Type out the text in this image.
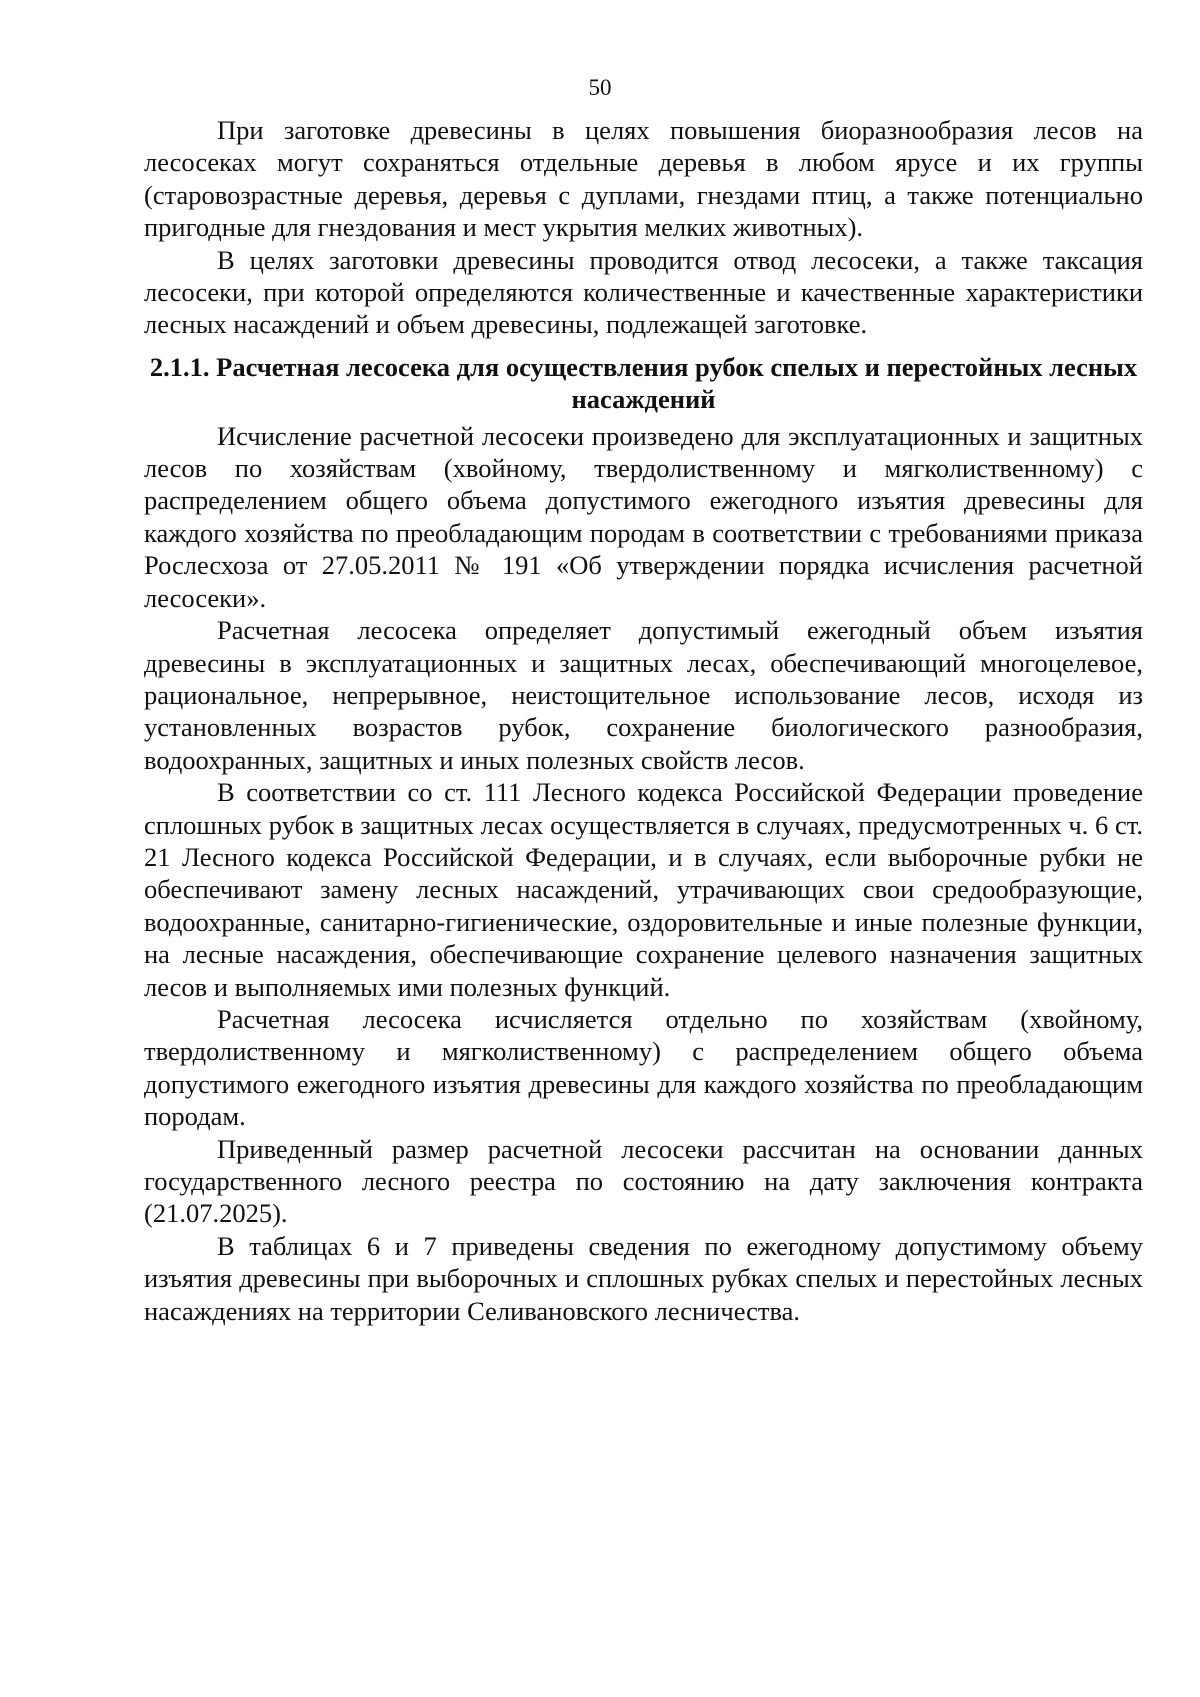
50

При заготовке древесины в целях повышения биоразнообразия лесов на лесосеках могут сохраняться отдельные деревья в любом ярусе и их группы (старовозрастные деревья, деревья с дуплами, гнездами птиц, а также потенциально пригодные для гнездования и мест укрытия мелких животных).

В целях заготовки древесины проводится отвод лесосеки, а также таксация лесосеки, при которой определяются количественные и качественные характеристики лесных насаждений и объем древесины, подлежащей заготовке.

2.1.1. Расчетная лесосека для осуществления рубок спелых и перестойных лесных насаждений

Исчисление расчетной лесосеки произведено для эксплуатационных и защитных лесов по хозяйствам (хвойному, твердолиственному и мягколиственному) с распределением общего объема допустимого ежегодного изъятия древесины для каждого хозяйства по преобладающим породам в соответствии с требованиями приказа Рослесхоза от 27.05.2011 № 191 «Об утверждении порядка исчисления расчетной лесосеки».

Расчетная лесосека определяет допустимый ежегодный объем изъятия древесины в эксплуатационных и защитных лесах, обеспечивающий многоцелевое, рациональное, непрерывное, неистощительное использование лесов, исходя из установленных возрастов рубок, сохранение биологического разнообразия, водоохранных, защитных и иных полезных свойств лесов.

В соответствии со ст. 111 Лесного кодекса Российской Федерации проведение сплошных рубок в защитных лесах осуществляется в случаях, предусмотренных ч. 6 ст. 21 Лесного кодекса Российской Федерации, и в случаях, если выборочные рубки не обеспечивают замену лесных насаждений, утрачивающих свои средообразующие, водоохранные, санитарно-гигиенические, оздоровительные и иные полезные функции, на лесные насаждения, обеспечивающие сохранение целевого назначения защитных лесов и выполняемых ими полезных функций.

Расчетная лесосека исчисляется отдельно по хозяйствам (хвойному, твердолиственному и мягколиственному) с распределением общего объема допустимого ежегодного изъятия древесины для каждого хозяйства по преобладающим породам.

Приведенный размер расчетной лесосеки рассчитан на основании данных государственного лесного реестра по состоянию на дату заключения контракта (21.07.2025).

В таблицах 6 и 7 приведены сведения по ежегодному допустимому объему изъятия древесины при выборочных и сплошных рубках спелых и перестойных лесных насаждениях на территории Селивановского лесничества.
